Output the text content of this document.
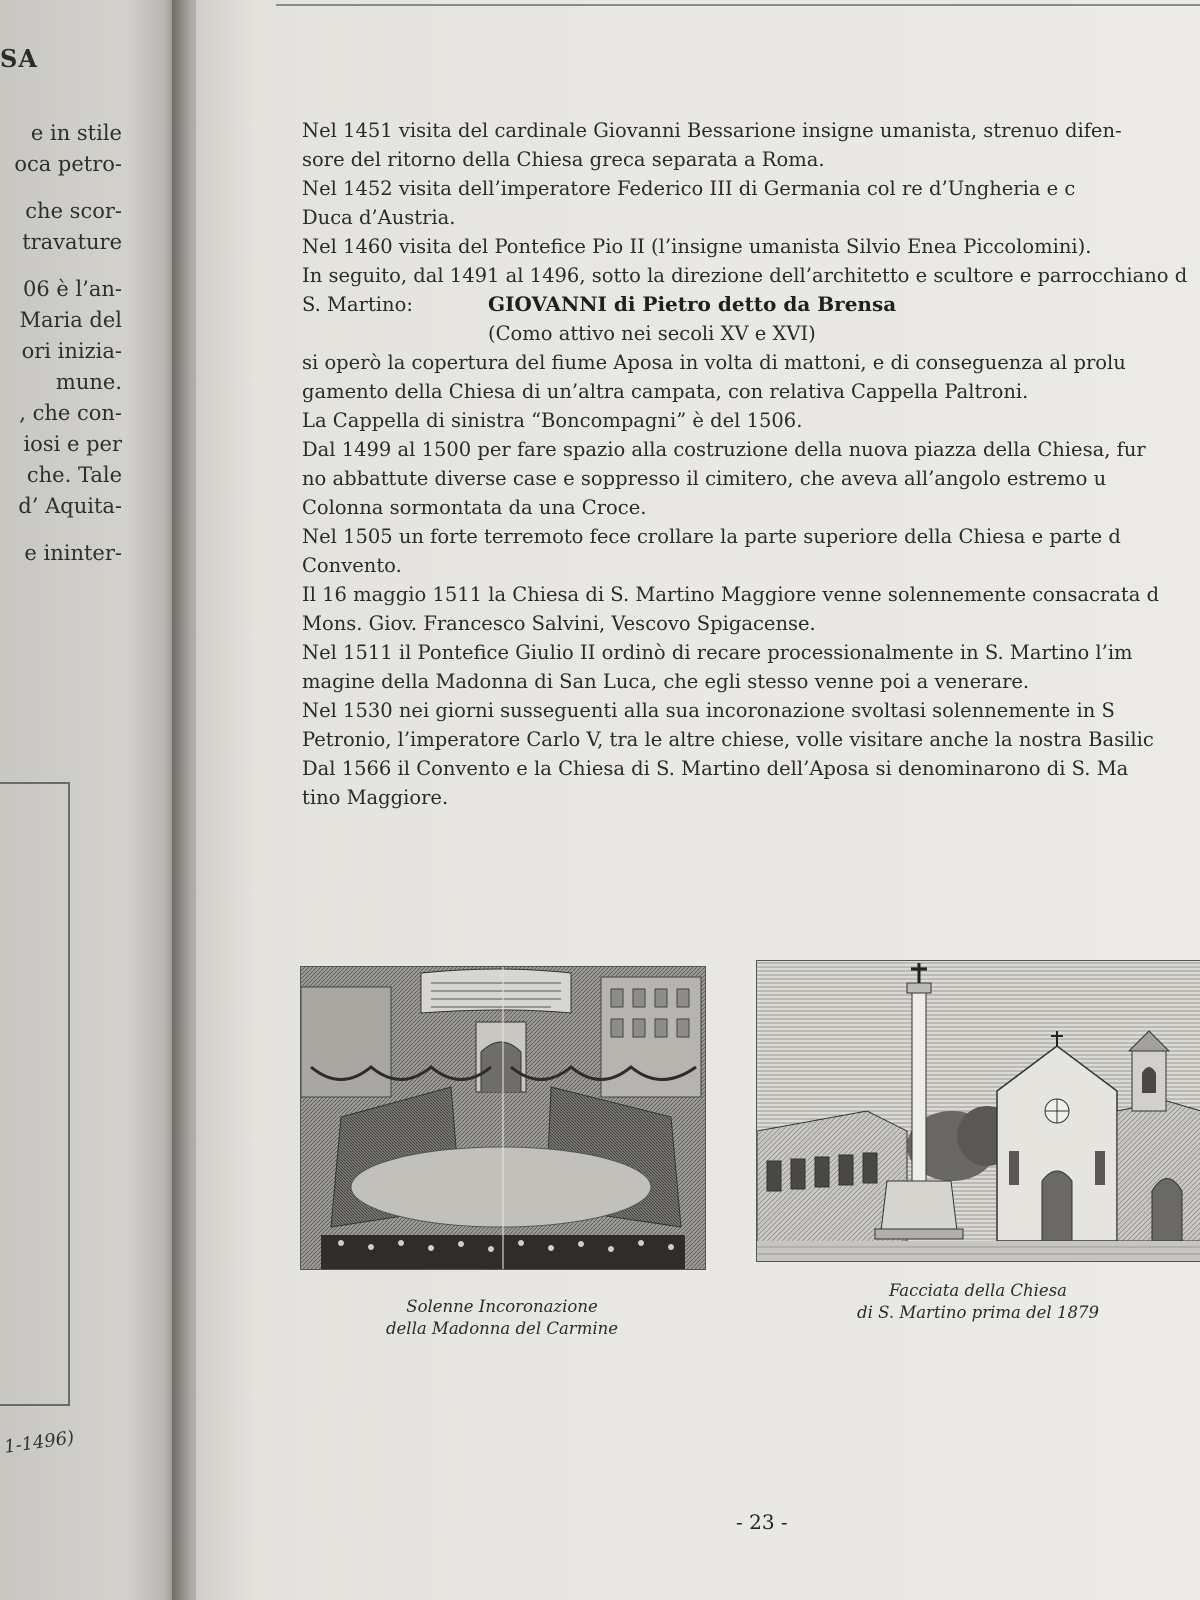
SA

e in stile
oca petro-
che scor-
travature
06 è l’an-
Maria del
ori inizia-
mune.
, che con-
iosi e per
che. Tale
d’ Aquita-
e ininter-

1-1496)

Nel 1451 visita del cardinale Giovanni Bessarione insigne umanista, strenuo difen-
sore del ritorno della Chiesa greca separata a Roma.

Nel 1452 visita dell’imperatore Federico III di Germania col re d’Ungheria e c
Duca d’Austria.

Nel 1460 visita del Pontefice Pio II (l’insigne umanista Silvio Enea Piccolomini).
In seguito, dal 1491 al 1496, sotto la direzione dell’architetto e scultore e parrocchiano d

S. Martino:	GIOVANNI di Pietro detto da Brensa
(Como attivo nei secoli XV e XVI)

si operò la copertura del fiume Aposa in volta di mattoni, e di conseguenza al prolu
gamento della Chiesa di un’altra campata, con relativa Cappella Paltroni.

La Cappella di sinistra “Boncompagni” è del 1506.

Dal 1499 al 1500 per fare spazio alla costruzione della nuova piazza della Chiesa, fur
no abbattute diverse case e soppresso il cimitero, che aveva all’angolo estremo u
Colonna sormontata da una Croce.

Nel 1505 un forte terremoto fece crollare la parte superiore della Chiesa e parte d
Convento.

Il 16 maggio 1511 la Chiesa di S. Martino Maggiore venne solennemente consacrata d
Mons. Giov. Francesco Salvini, Vescovo Spigacense.

Nel 1511 il Pontefice Giulio II ordinò di recare processionalmente in S. Martino l’im
magine della Madonna di San Luca, che egli stesso venne poi a venerare.

Nel 1530 nei giorni susseguenti alla sua incoronazione svoltasi solennemente in S
Petronio, l’imperatore Carlo V, tra le altre chiese, volle visitare anche la nostra Basilic

Dal 1566 il Convento e la Chiesa di S. Martino dell’Aposa si denominarono di S. Ma
tino Maggiore.

Solenne Incoronazione
della Madonna del Carmine

Facciata della Chiesa
di S. Martino prima del 1879

- 23 -
